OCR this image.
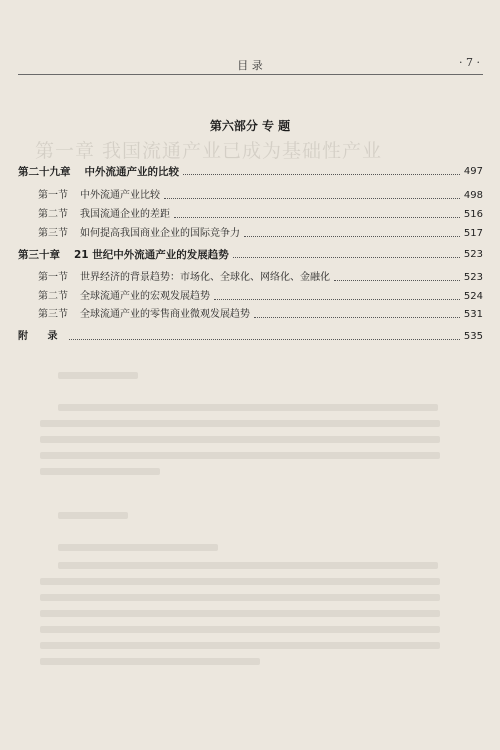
目 录	· 7 ·
第六部分 专 题
第一章 我国流通产业已成为基础性产业
第二十九章 中外流通产业的比较	497
第一节 中外流通产业比较	498
第二节 我国流通企业的差距	516
第三节 如何提高我国商业企业的国际竞争力	517
第三十章 21 世纪中外流通产业的发展趋势	523
第一节 世界经济的背景趋势：市场化、全球化、网络化、金融化	523
第二节 全球流通产业的宏观发展趋势	524
第三节 全球流通产业的零售商业微观发展趋势	531
附 录	535
